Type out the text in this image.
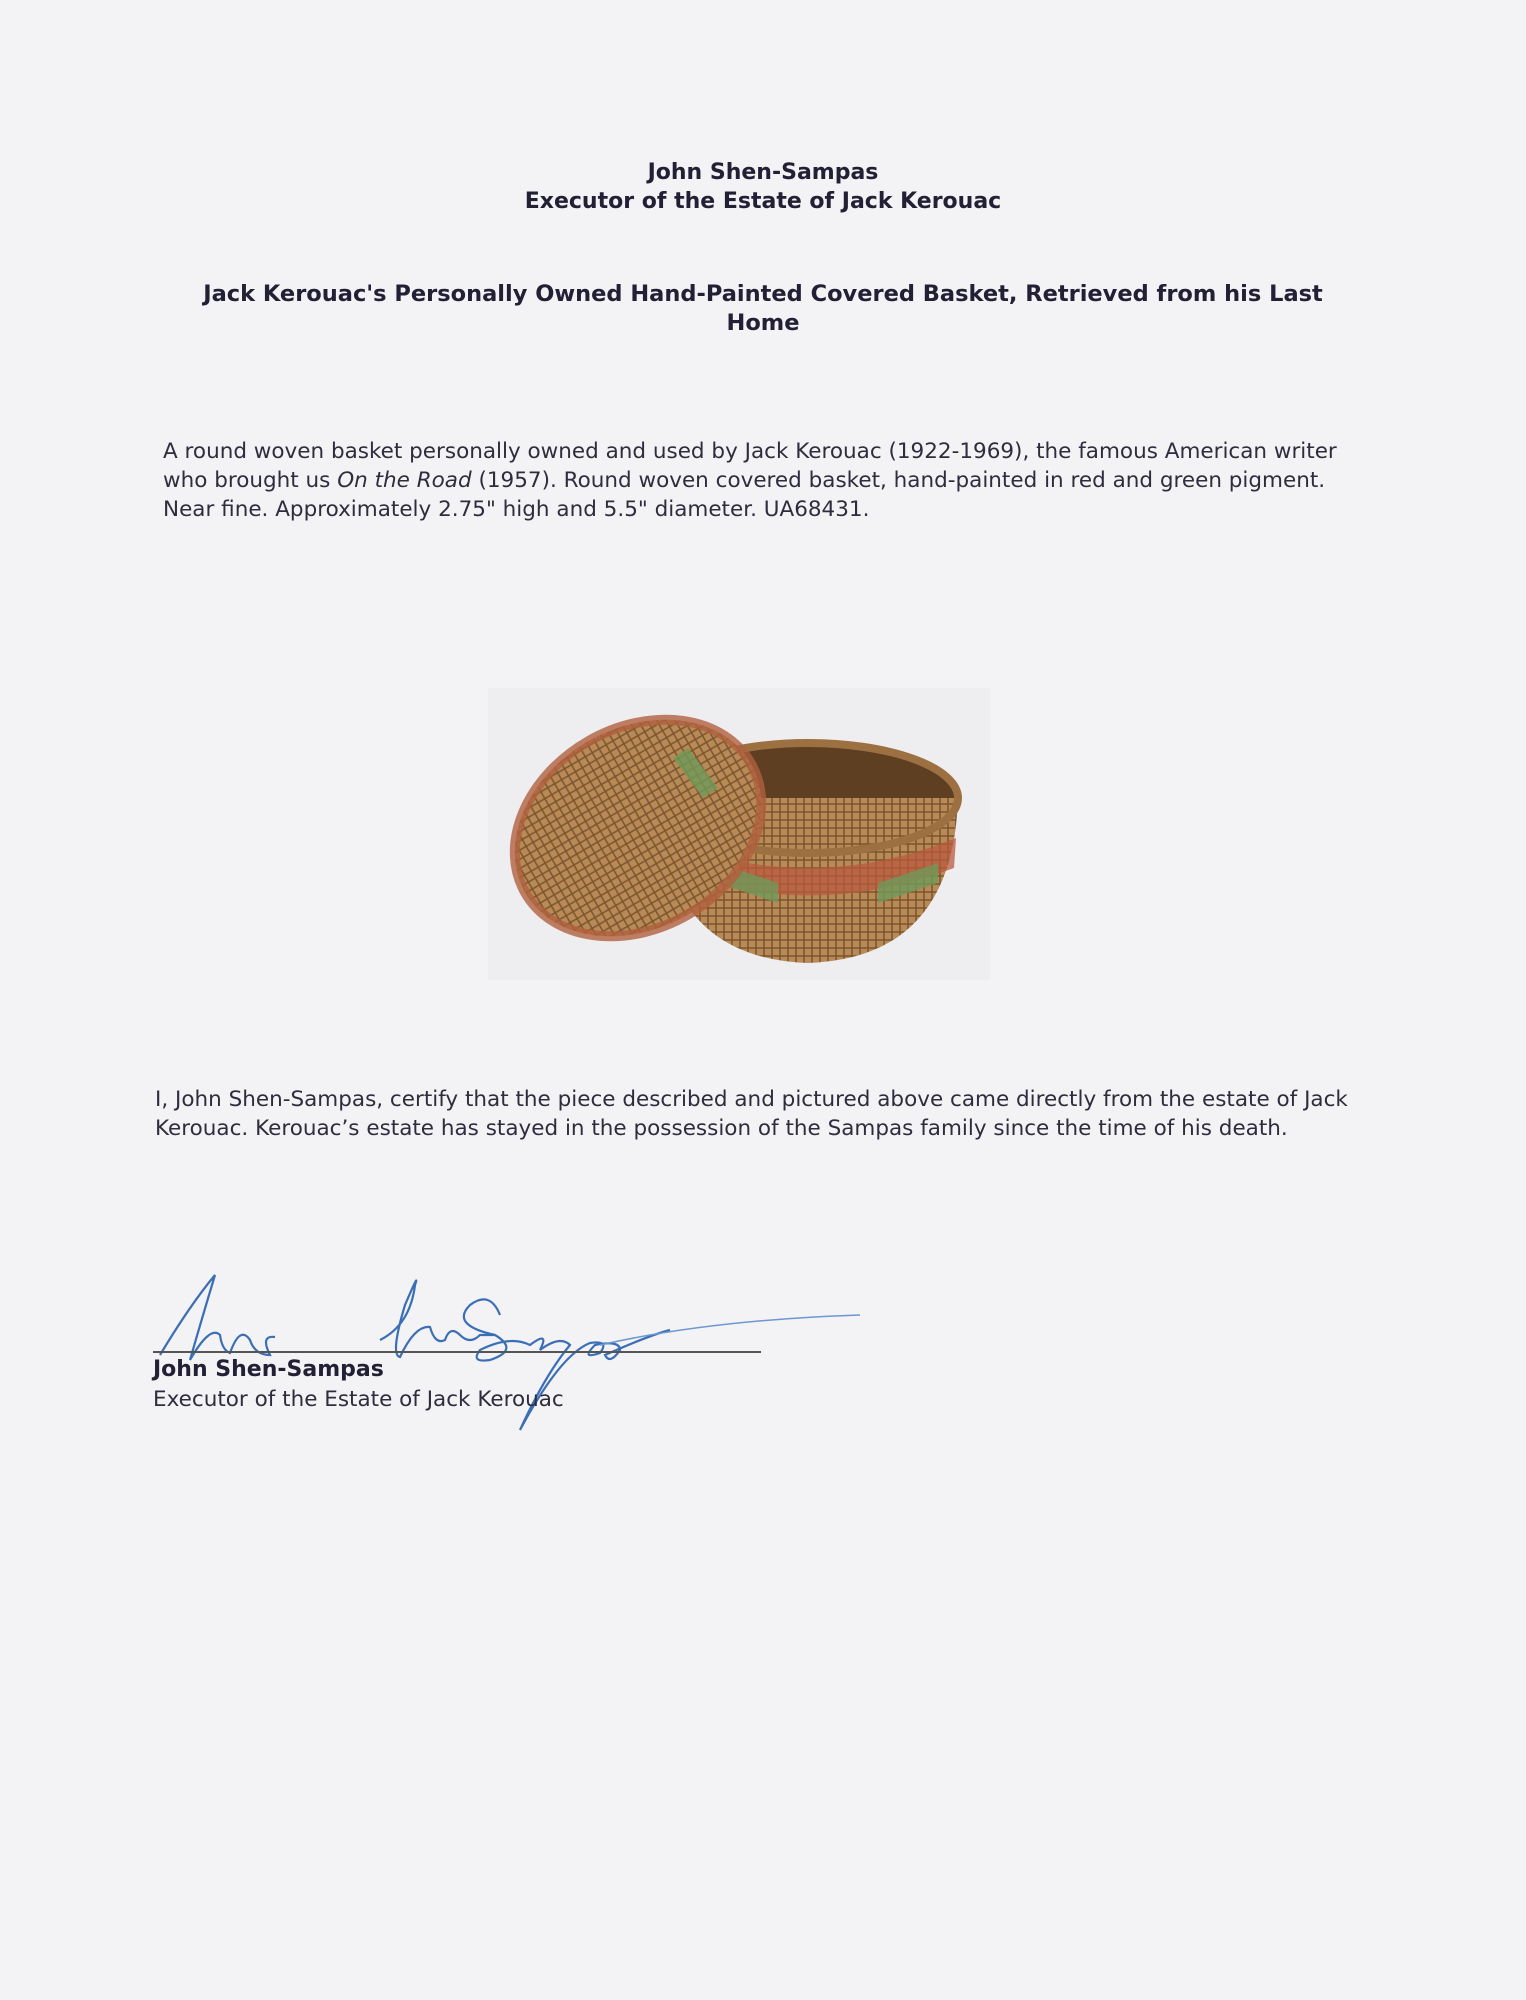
John Shen-Sampas
Executor of the Estate of Jack Kerouac
Jack Kerouac's Personally Owned Hand-Painted Covered Basket, Retrieved from his Last Home
A round woven basket personally owned and used by Jack Kerouac (1922-1969), the famous American writer who brought us On the Road (1957). Round woven covered basket, hand-painted in red and green pigment. Near fine. Approximately 2.75" high and 5.5" diameter. UA68431.
I, John Shen-Sampas, certify that the piece described and pictured above came directly from the estate of Jack Kerouac. Kerouac’s estate has stayed in the possession of the Sampas family since the time of his death.
John Shen-Sampas
Executor of the Estate of Jack Kerouac
